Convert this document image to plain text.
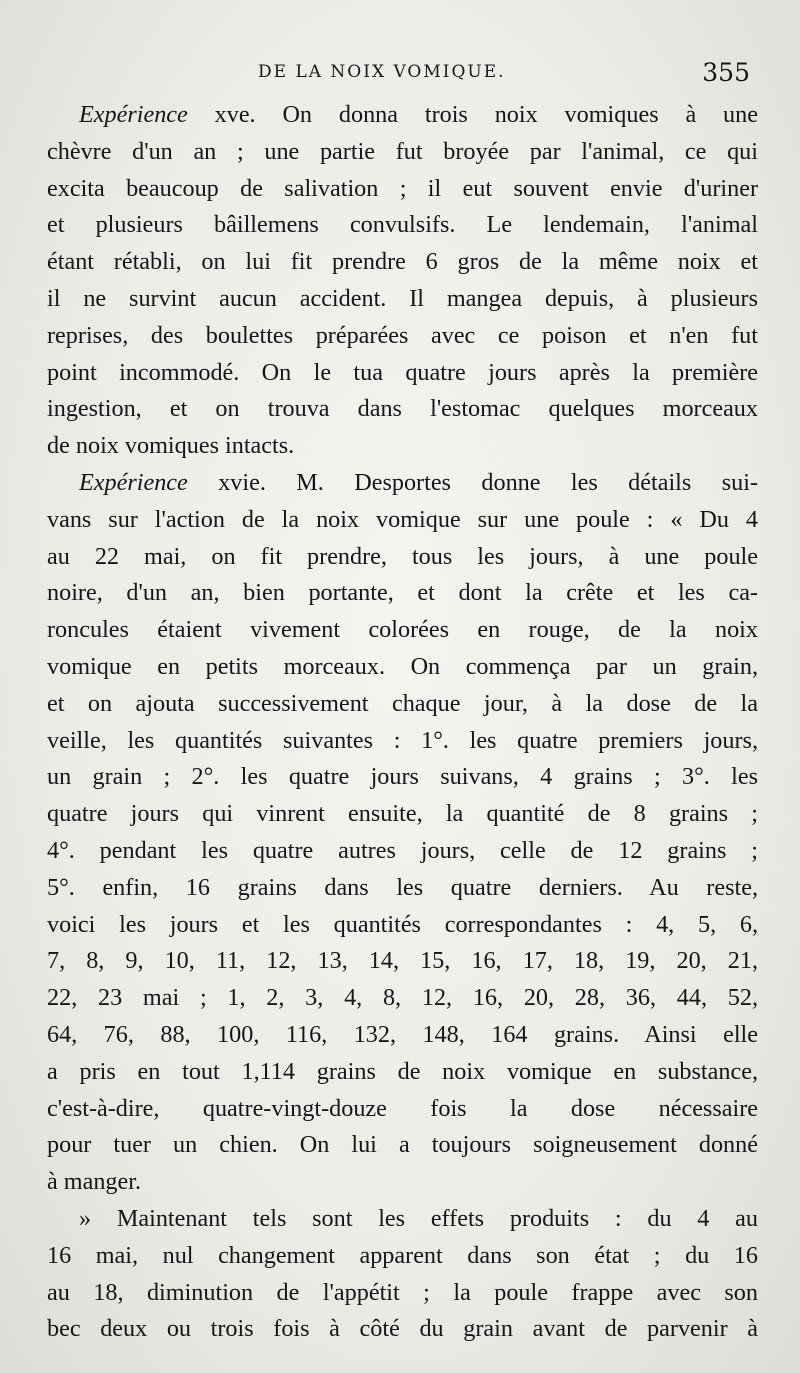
DE LA NOIX VOMIQUE.	355
Expérience xve. On donna trois noix vomiques à une
chèvre d'un an ; une partie fut broyée par l'animal, ce qui
excita beaucoup de salivation ; il eut souvent envie d'uriner
et plusieurs bâillemens convulsifs. Le lendemain, l'animal
étant rétabli, on lui fit prendre 6 gros de la même noix et
il ne survint aucun accident. Il mangea depuis, à plusieurs
reprises, des boulettes préparées avec ce poison et n'en fut
point incommodé. On le tua quatre jours après la première
ingestion, et on trouva dans l'estomac quelques morceaux
de noix vomiques intacts.
Expérience xvie. M. Desportes donne les détails sui-
vans sur l'action de la noix vomique sur une poule : « Du 4
au 22 mai, on fit prendre, tous les jours, à une poule
noire, d'un an, bien portante, et dont la crête et les ca-
roncules étaient vivement colorées en rouge, de la noix
vomique en petits morceaux. On commença par un grain,
et on ajouta successivement chaque jour, à la dose de la
veille, les quantités suivantes : 1°. les quatre premiers jours,
un grain ; 2°. les quatre jours suivans, 4 grains ; 3°. les
quatre jours qui vinrent ensuite, la quantité de 8 grains ;
4°. pendant les quatre autres jours, celle de 12 grains ;
5°. enfin, 16 grains dans les quatre derniers. Au reste,
voici les jours et les quantités correspondantes : 4, 5, 6,
7, 8, 9, 10, 11, 12, 13, 14, 15, 16, 17, 18, 19, 20, 21,
22, 23 mai ; 1, 2, 3, 4, 8, 12, 16, 20, 28, 36, 44, 52,
64, 76, 88, 100, 116, 132, 148, 164 grains. Ainsi elle
a pris en tout 1,114 grains de noix vomique en substance,
c'est-à-dire, quatre-vingt-douze fois la dose nécessaire
pour tuer un chien. On lui a toujours soigneusement donné
à manger.
» Maintenant tels sont les effets produits : du 4 au
16 mai, nul changement apparent dans son état ; du 16
au 18, diminution de l'appétit ; la poule frappe avec son
bec deux ou trois fois à côté du grain avant de parvenir à
